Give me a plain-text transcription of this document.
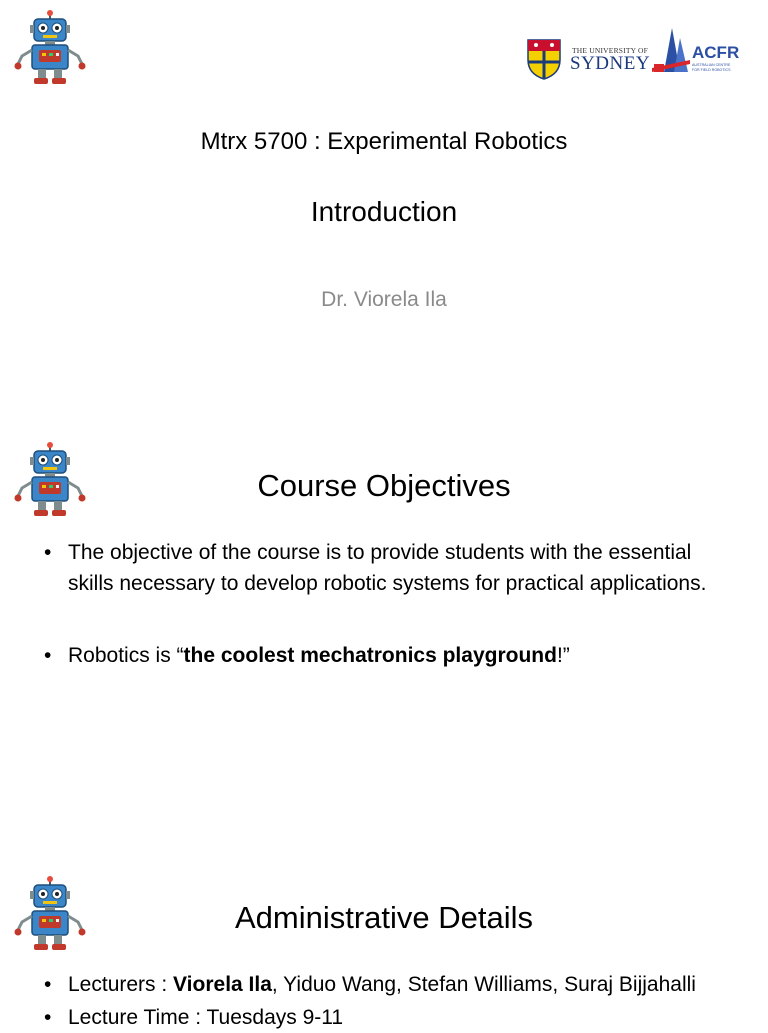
THE UNIVERSITY OF
SYDNEY
ACFR
AUSTRALIAN CENTRE
FOR FIELD ROBOTICS
Mtrx 5700 : Experimental Robotics
Introduction
Dr. Viorela Ila
Course Objectives
• The objective of the course is to provide students with the essential skills necessary to develop robotic systems for practical applications.
• Robotics is “the coolest mechatronics playground!”
Administrative Details
• Lecturers : Viorela Ila, Yiduo Wang, Stefan Williams, Suraj Bijjahalli
• Lecture Time : Tuesdays 9-11
